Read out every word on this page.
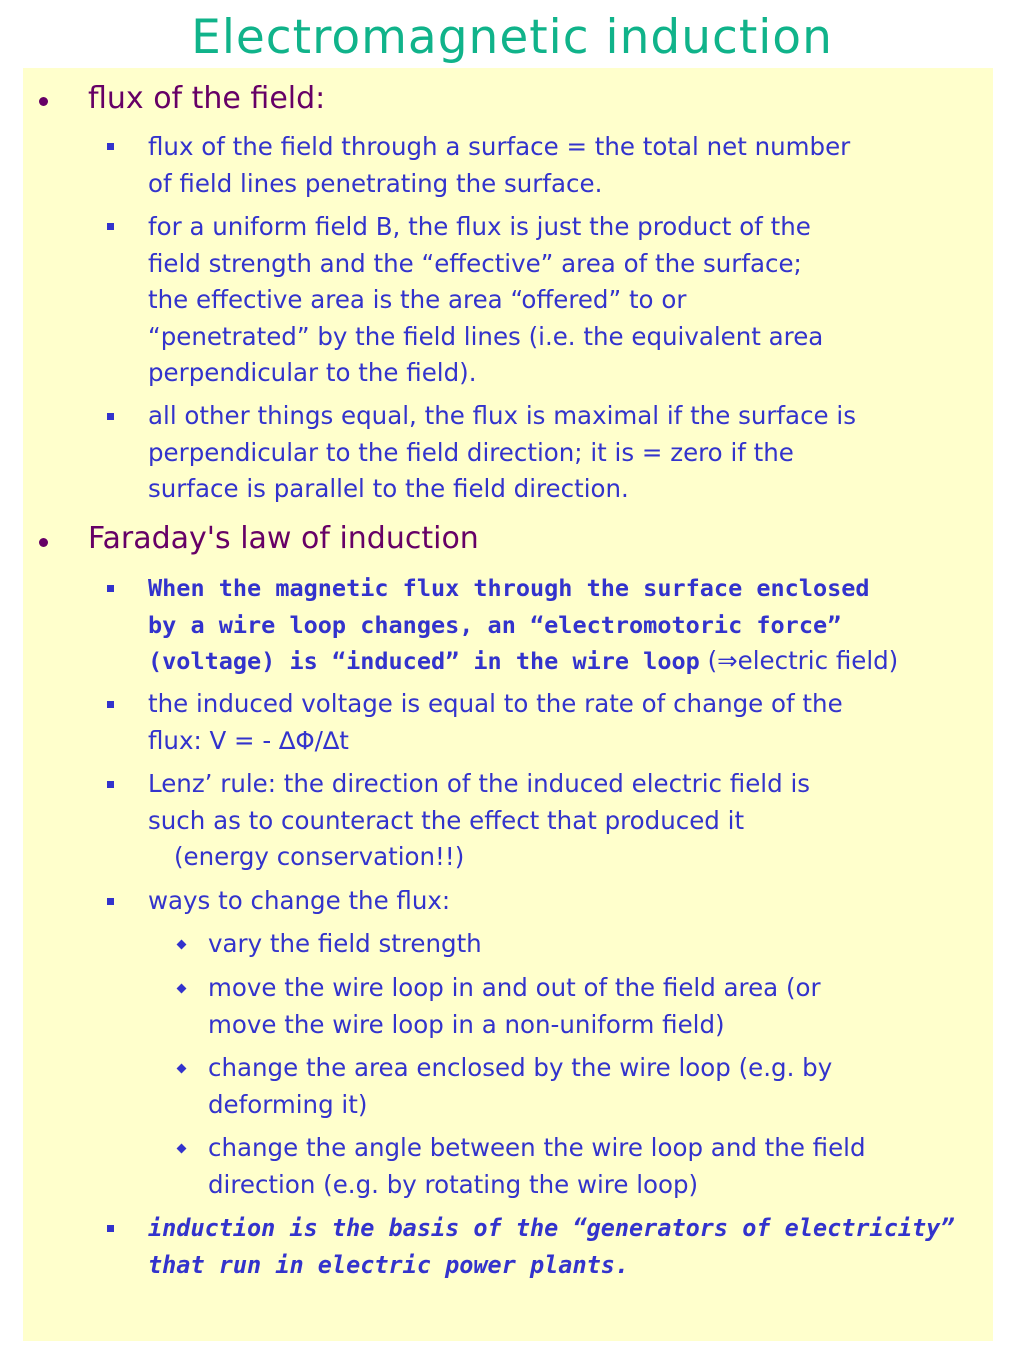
Electromagnetic induction
flux of the field:
flux of the field through a surface = the total net number
of field lines penetrating the surface.
for a uniform field B, the flux is just the product of the
field strength and the “effective” area of the surface;
the effective area is the area “offered” to or
“penetrated” by the field lines (i.e. the equivalent area
perpendicular to the field).
all other things equal, the flux is maximal if the surface is
perpendicular to the field direction; it is = zero if the
surface is parallel to the field direction.
Faraday's law of induction
When the magnetic flux through the surface enclosed
by a wire loop changes, an “electromotoric force”
(voltage) is “induced” in the wire loop (⇒electric field)
the induced voltage is equal to the rate of change of the
flux: V = - ∆Φ/∆t
Lenz’ rule: the direction of the induced electric field is
such as to counteract the effect that produced it
(energy conservation!!)
ways to change the flux:
vary the field strength
move the wire loop in and out of the field area (or
move the wire loop in a non-uniform field)
change the area enclosed by the wire loop (e.g. by
deforming it)
change the angle between the wire loop and the field
direction (e.g. by rotating the wire loop)
induction is the basis of the “generators of electricity”
that run in electric power plants.
